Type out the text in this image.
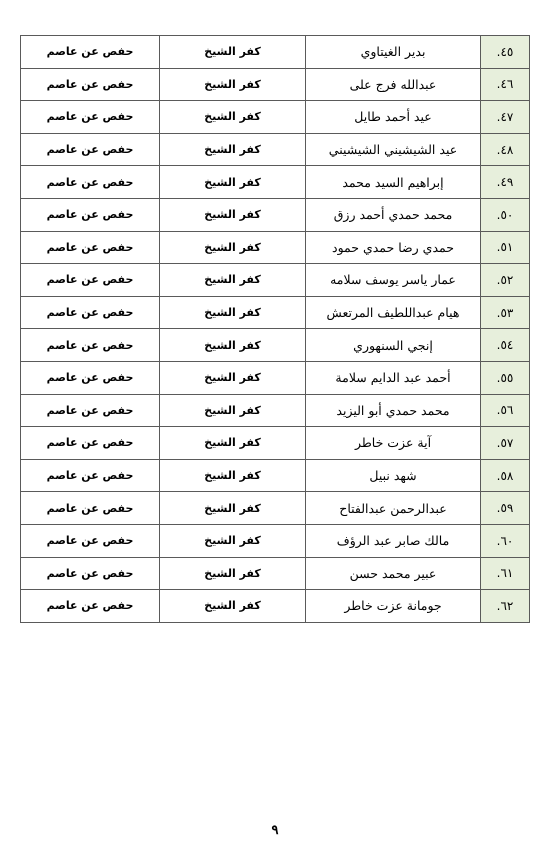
٤٥.	بدير الغيتاوي	كفر الشيخ	حفص عن عاصم
٤٦.	عبدالله فرج على	كفر الشيخ	حفص عن عاصم
٤٧.	عيد أحمد طايل	كفر الشيخ	حفص عن عاصم
٤٨.	عيد الشيشيني الشيشيني	كفر الشيخ	حفص عن عاصم
٤٩.	إبراهيم السيد محمد	كفر الشيخ	حفص عن عاصم
٥٠.	محمد حمدي أحمد رزق	كفر الشيخ	حفص عن عاصم
٥١.	حمدي رضا حمدي حمود	كفر الشيخ	حفص عن عاصم
٥٢.	عمار ياسر يوسف سلامه	كفر الشيخ	حفص عن عاصم
٥٣.	هيام عبداللطيف المرتعش	كفر الشيخ	حفص عن عاصم
٥٤.	إنجي السنهوري	كفر الشيخ	حفص عن عاصم
٥٥.	أحمد عبد الدايم سلامة	كفر الشيخ	حفص عن عاصم
٥٦.	محمد حمدي أبو اليزيد	كفر الشيخ	حفص عن عاصم
٥٧.	آية عزت خاطر	كفر الشيخ	حفص عن عاصم
٥٨.	شهد نبيل	كفر الشيخ	حفص عن عاصم
٥٩.	عبدالرحمن عبدالفتاح	كفر الشيخ	حفص عن عاصم
٦٠.	مالك صابر عبد الرؤف	كفر الشيخ	حفص عن عاصم
٦١.	عبير محمد حسن	كفر الشيخ	حفص عن عاصم
٦٢.	جومانة عزت خاطر	كفر الشيخ	حفص عن عاصم
٩
